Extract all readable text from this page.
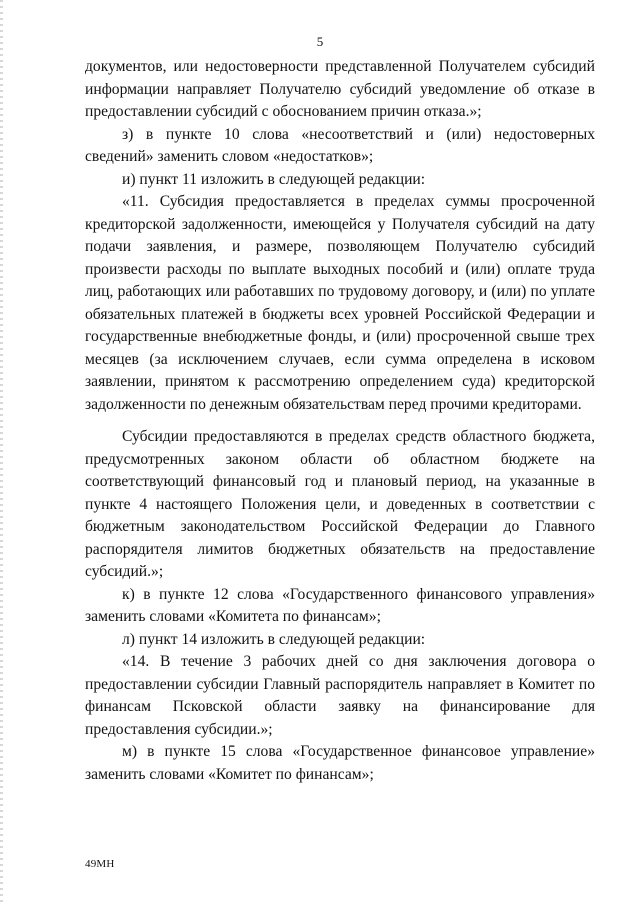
5

документов, или недостоверности представленной Получателем субсидий информации направляет Получателю субсидий уведомление об отказе в предоставлении субсидий с обоснованием причин отказа.»;

з) в пункте 10 слова «несоответствий и (или) недостоверных сведений» заменить словом «недостатков»;

и) пункт 11 изложить в следующей редакции:

«11. Субсидия предоставляется в пределах суммы просроченной кредиторской задолженности, имеющейся у Получателя субсидий на дату подачи заявления, и размере, позволяющем Получателю субсидий произвести расходы по выплате выходных пособий и (или) оплате труда лиц, работающих или работавших по трудовому договору, и (или) по уплате обязательных платежей в бюджеты всех уровней Российской Федерации и государственные внебюджетные фонды, и (или) просроченной свыше трех месяцев (за исключением случаев, если сумма определена в исковом заявлении, принятом к рассмотрению определением суда) кредиторской задолженности по денежным обязательствам перед прочими кредиторами.

Субсидии предоставляются в пределах средств областного бюджета, предусмотренных законом области об областном бюджете на соответствующий финансовый год и плановый период, на указанные в пункте 4 настоящего Положения цели, и доведенных в соответствии с бюджетным законодательством Российской Федерации до Главного распорядителя лимитов бюджетных обязательств на предоставление субсидий.»;

к) в пункте 12 слова «Государственного финансового управления» заменить словами «Комитета по финансам»;

л) пункт 14 изложить в следующей редакции:

«14. В течение 3 рабочих дней со дня заключения договора о предоставлении субсидии Главный распорядитель направляет в Комитет по финансам Псковской области заявку на финансирование для предоставления субсидии.»;

м) в пункте 15 слова «Государственное финансовое управление» заменить словами «Комитет по финансам»;

49МН
